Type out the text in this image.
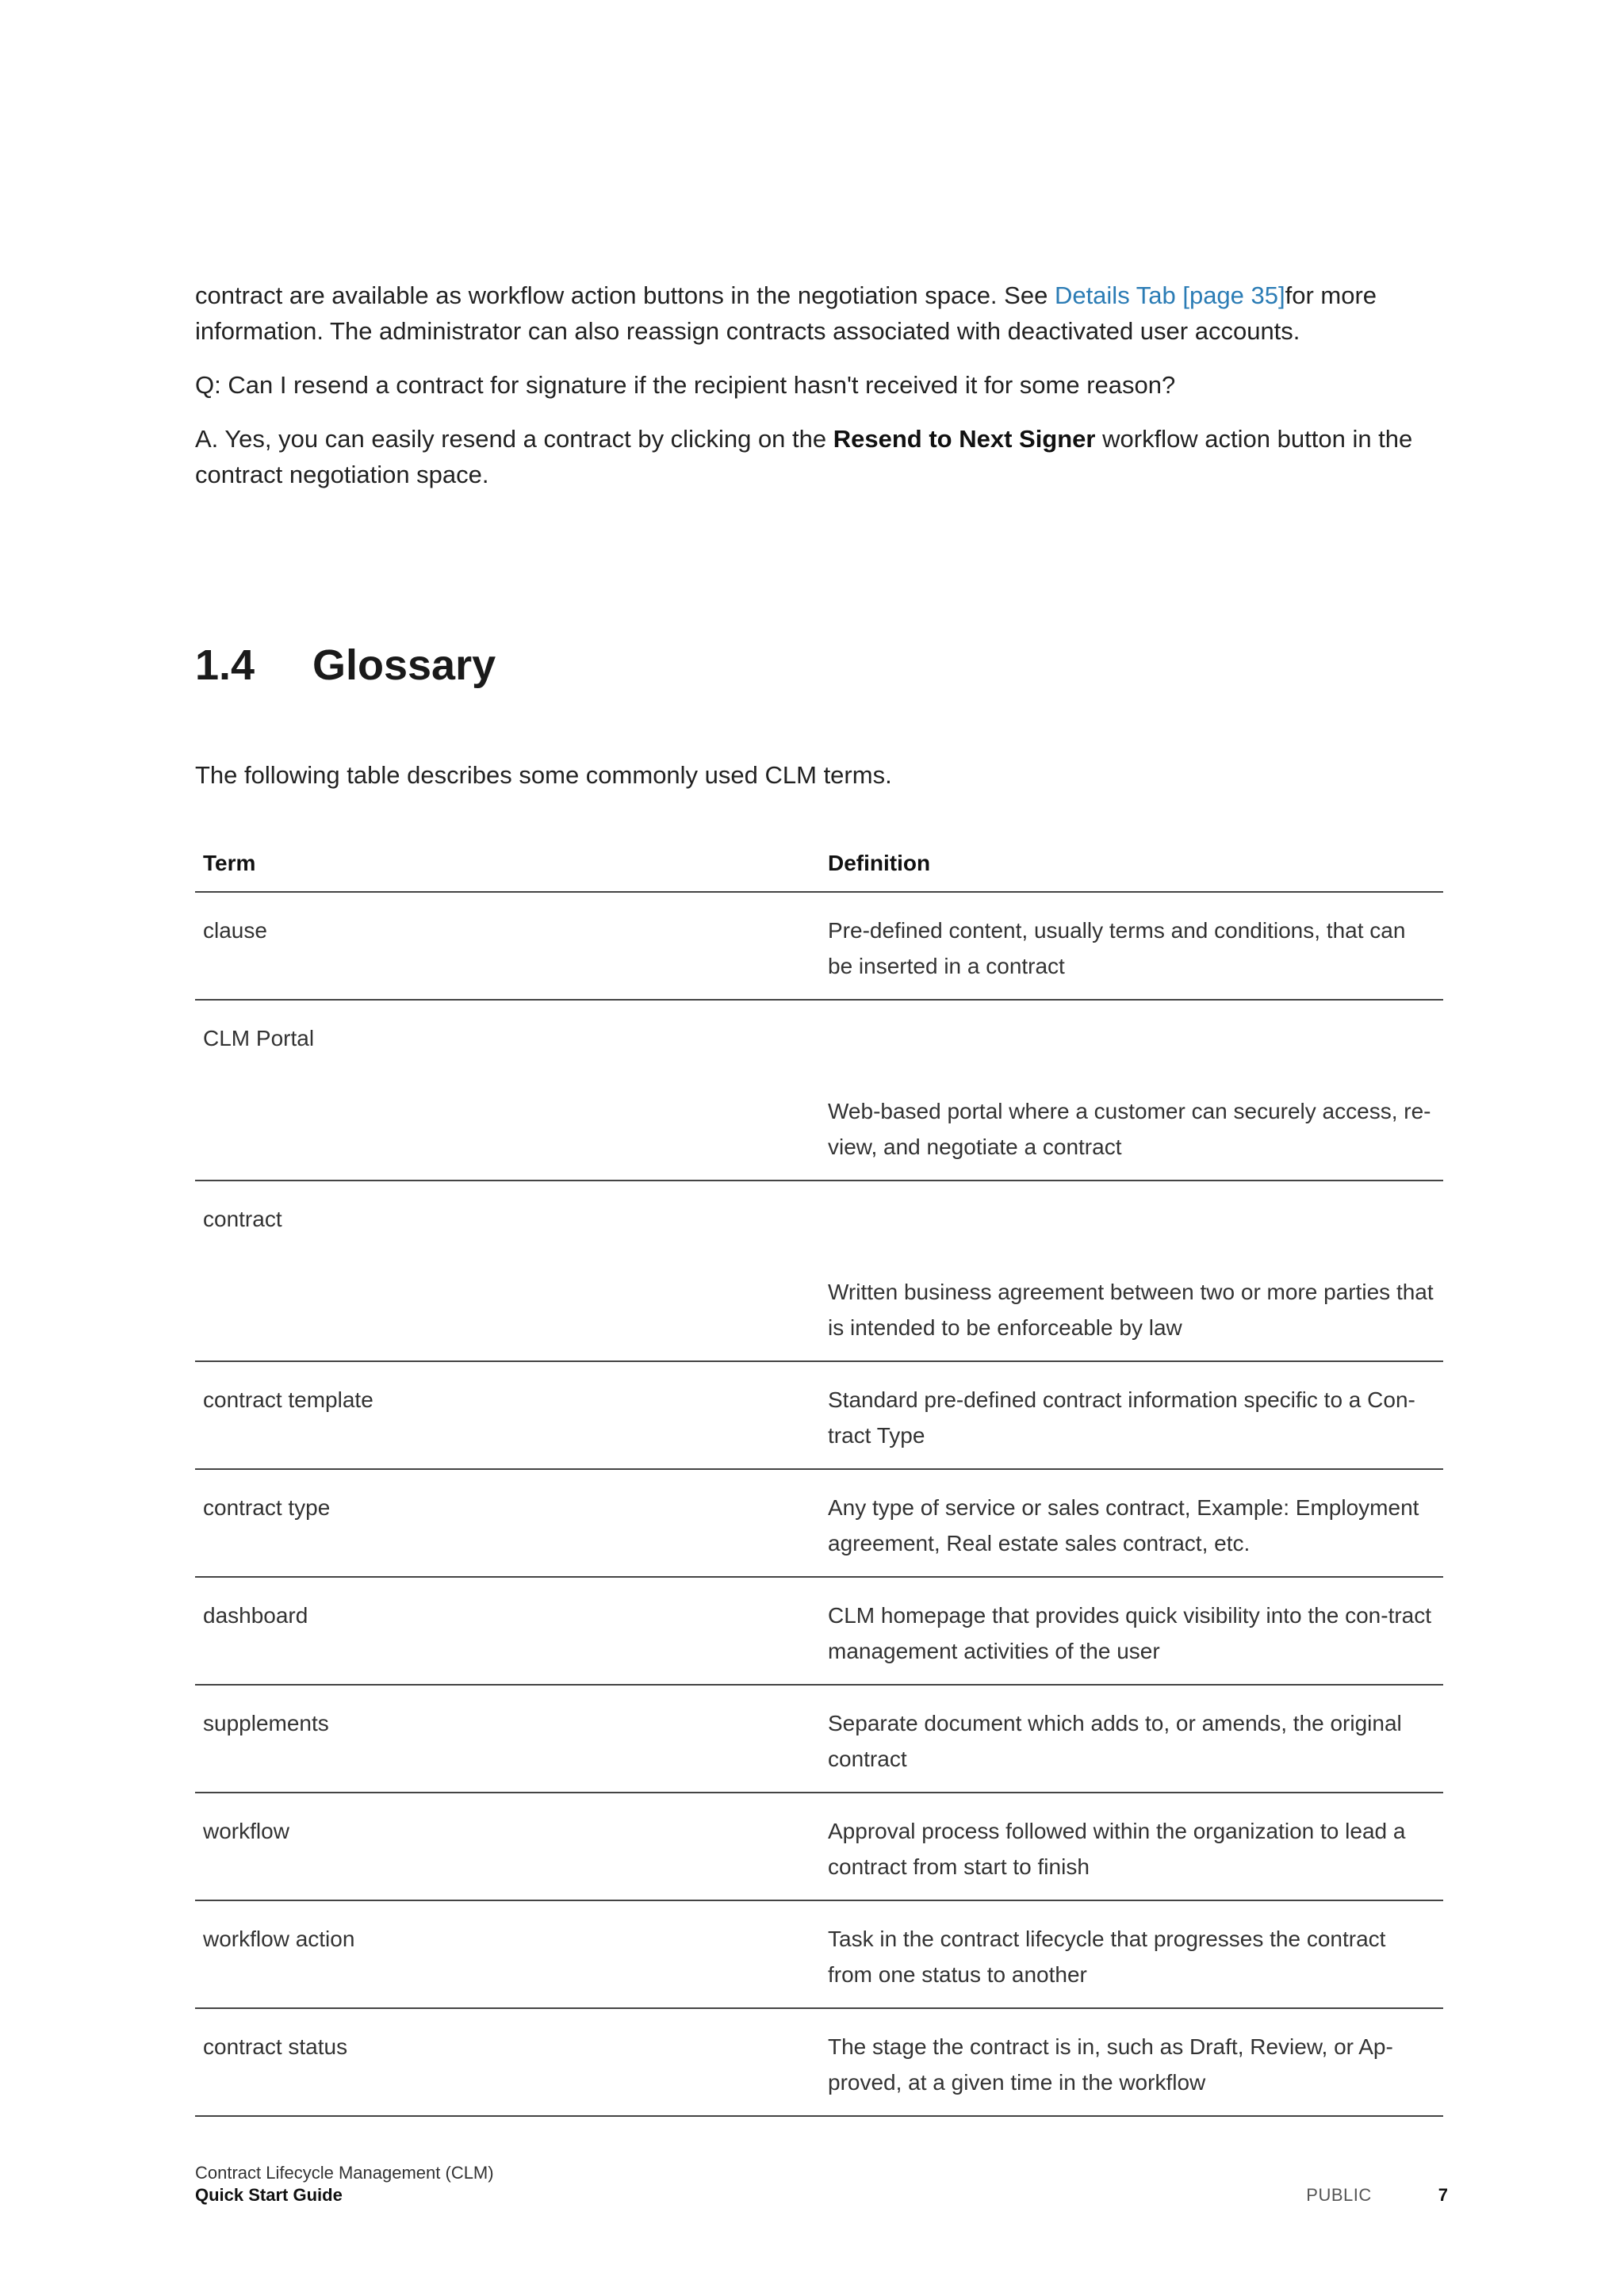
contract are available as workflow action buttons in the negotiation space. See Details Tab [page 35]for more information. The administrator can also reassign contracts associated with deactivated user accounts.

Q: Can I resend a contract for signature if the recipient hasn't received it for some reason?

A. Yes, you can easily resend a contract by clicking on the Resend to Next Signer workflow action button in the contract negotiation space.

1.4 Glossary

The following table describes some commonly used CLM terms.

Term	Definition
clause	Pre-defined content, usually terms and conditions, that can be inserted in a contract
CLM Portal	Web-based portal where a customer can securely access, re-view, and negotiate a contract
contract	Written business agreement between two or more parties that is intended to be enforceable by law
contract template	Standard pre-defined contract information specific to a Con-tract Type
contract type	Any type of service or sales contract, Example: Employment agreement, Real estate sales contract, etc.
dashboard	CLM homepage that provides quick visibility into the con-tract management activities of the user
supplements	Separate document which adds to, or amends, the original contract
workflow	Approval process followed within the organization to lead a contract from start to finish
workflow action	Task in the contract lifecycle that progresses the contract from one status to another
contract status	The stage the contract is in, such as Draft, Review, or Ap-proved, at a given time in the workflow
Contract Lifecycle Management (CLM)
Quick Start Guide	PUBLIC	7
